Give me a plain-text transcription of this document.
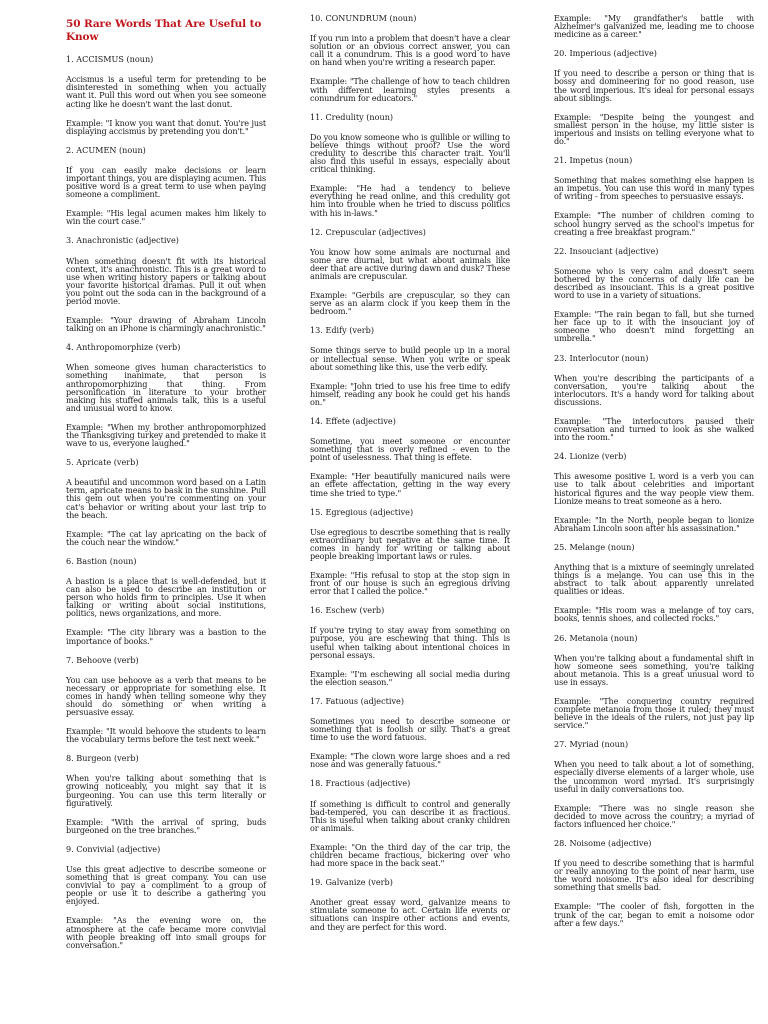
50 Rare Words That Are Useful to Know
1. ACCISMUS (noun)

Accismus is a useful term for pretending to be disinterested in something when you actually want it. Pull this word out when you see someone acting like he doesn't want the last donut.

Example: "I know you want that donut. You're just displaying accismus by pretending you don't."

2. ACUMEN (noun)

If you can easily make decisions or learn important things, you are displaying acumen. This positive word is a great term to use when paying someone a compliment.

Example: "His legal acumen makes him likely to win the court case."

3. Anachronistic (adjective)

When something doesn't fit with its historical context, it's anachronistic. This is a great word to use when writing history papers or talking about your favorite historical dramas. Pull it out when you point out the soda can in the background of a period movie.

Example: "Your drawing of Abraham Lincoln talking on an iPhone is charmingly anachronistic."

4. Anthropomorphize (verb)

When someone gives human characteristics to something inanimate, that person is anthropomorphizing that thing. From personification in literature to your brother making his stuffed animals talk, this is a useful and unusual word to know.

Example: "When my brother anthropomorphized the Thanksgiving turkey and pretended to make it wave to us, everyone laughed."

5. Apricate (verb)

A beautiful and uncommon word based on a Latin term, apricate means to bask in the sunshine. Pull this gem out when you're commenting on your cat's behavior or writing about your last trip to the beach.

Example: "The cat lay apricating on the back of the couch near the window."

6. Bastion (noun)

A bastion is a place that is well-defended, but it can also be used to describe an institution or person who holds firm to principles. Use it when talking or writing about social institutions, politics, news organizations, and more.

Example: "The city library was a bastion to the importance of books."

7. Behoove (verb)

You can use behoove as a verb that means to be necessary or appropriate for something else. It comes in handy when telling someone why they should do something or when writing a persuasive essay.

Example: "It would behoove the students to learn the vocabulary terms before the test next week."

8. Burgeon (verb)

When you're talking about something that is growing noticeably, you might say that it is burgeoning. You can use this term literally or figuratively.

Example: "With the arrival of spring, buds burgeoned on the tree branches."

9. Convivial (adjective)

Use this great adjective to describe someone or something that is great company. You can use convivial to pay a compliment to a group of people or use it to describe a gathering you enjoyed.

Example: "As the evening wore on, the atmosphere at the cafe became more convivial with people breaking off into small groups for conversation."

10. CONUNDRUM (noun)

If you run into a problem that doesn't have a clear solution or an obvious correct answer, you can call it a conundrum. This is a good word to have on hand when you're writing a research paper.

Example: "The challenge of how to teach children with different learning styles presents a conundrum for educators."

11. Credulity (noun)

Do you know someone who is gullible or willing to believe things without proof? Use the word credulity to describe this character trait. You'll also find this useful in essays, especially about critical thinking.

Example: "He had a tendency to believe everything he read online, and this credulity got him into trouble when he tried to discuss politics with his in-laws."

12. Crepuscular (adjectives)

You know how some animals are nocturnal and some are diurnal, but what about animals like deer that are active during dawn and dusk? These animals are crepuscular.

Example: "Gerbils are crepuscular, so they can serve as an alarm clock if you keep them in the bedroom."

13. Edify (verb)

Some things serve to build people up in a moral or intellectual sense. When you write or speak about something like this, use the verb edify.

Example: "John tried to use his free time to edify himself, reading any book he could get his hands on."

14. Effete (adjective)

Sometime, you meet someone or encounter something that is overly refined - even to the point of uselessness. That thing is effete.

Example: "Her beautifully manicured nails were an effete affectation, getting in the way every time she tried to type."

15. Egregious (adjective)

Use egregious to describe something that is really extraordinary but negative at the same time. It comes in handy for writing or talking about people breaking important laws or rules.

Example: "His refusal to stop at the stop sign in front of our house is such an egregious driving error that I called the police."

16. Eschew (verb)

If you're trying to stay away from something on purpose, you are eschewing that thing. This is useful when talking about intentional choices in personal essays.

Example: "I'm eschewing all social media during the election season."

17. Fatuous (adjective)

Sometimes you need to describe someone or something that is foolish or silly. That's a great time to use the word fatuous.

Example: "The clown wore large shoes and a red nose and was generally fatuous."

18. Fractious (adjective)

If something is difficult to control and generally bad-tempered, you can describe it as fractious. This is useful when talking about cranky children or animals.

Example: "On the third day of the car trip, the children became fractious, bickering over who had more space in the back seat."

19. Galvanize (verb)

Another great essay word, galvanize means to stimulate someone to act. Certain life events or situations can inspire other actions and events, and they are perfect for this word.

Example: "My grandfather's battle with Alzheimer's galvanized me, leading me to choose medicine as a career."

20. Imperious (adjective)

If you need to describe a person or thing that is bossy and domineering for no good reason, use the word imperious. It's ideal for personal essays about siblings.

Example: "Despite being the youngest and smallest person in the house, my little sister is imperious and insists on telling everyone what to do."

21. Impetus (noun)

Something that makes something else happen is an impetus. You can use this word in many types of writing - from speeches to persuasive essays.

Example: "The number of children coming to school hungry served as the school's impetus for creating a free breakfast program."

22. Insouciant (adjective)

Someone who is very calm and doesn't seem bothered by the concerns of daily life can be described as insouciant. This is a great positive word to use in a variety of situations.

Example: "The rain began to fall, but she turned her face up to it with the insouciant joy of someone who doesn't mind forgetting an umbrella."

23. Interlocutor (noun)

When you're describing the participants of a conversation, you're talking about the interlocutors. It's a handy word for talking about discussions.

Example: "The interlocutors paused their conversation and turned to look as she walked into the room."

24. Lionize (verb)

This awesome positive L word is a verb you can use to talk about celebrities and important historical figures and the way people view them. Lionize means to treat someone as a hero.

Example: "In the North, people began to lionize Abraham Lincoln soon after his assassination."

25. Melange (noun)

Anything that is a mixture of seemingly unrelated things is a melange. You can use this in the abstract to talk about apparently unrelated qualities or ideas.

Example: "His room was a melange of toy cars, books, tennis shoes, and collected rocks."

26. Metanoia (noun)

When you're talking about a fundamental shift in how someone sees something, you're talking about metanoia. This is a great unusual word to use in essays.

Example: "The conquering country required complete metanoia from those it ruled; they must believe in the ideals of the rulers, not just pay lip service."

27. Myriad (noun)

When you need to talk about a lot of something, especially diverse elements of a larger whole, use the uncommon word myriad. It's surprisingly useful in daily conversations too.

Example: "There was no single reason she decided to move across the country; a myriad of factors influenced her choice."

28. Noisome (adjective)

If you need to describe something that is harmful or really annoying to the point of near harm, use the word noisome. It's also ideal for describing something that smells bad.

Example: "The cooler of fish, forgotten in the trunk of the car, began to emit a noisome odor after a few days."
